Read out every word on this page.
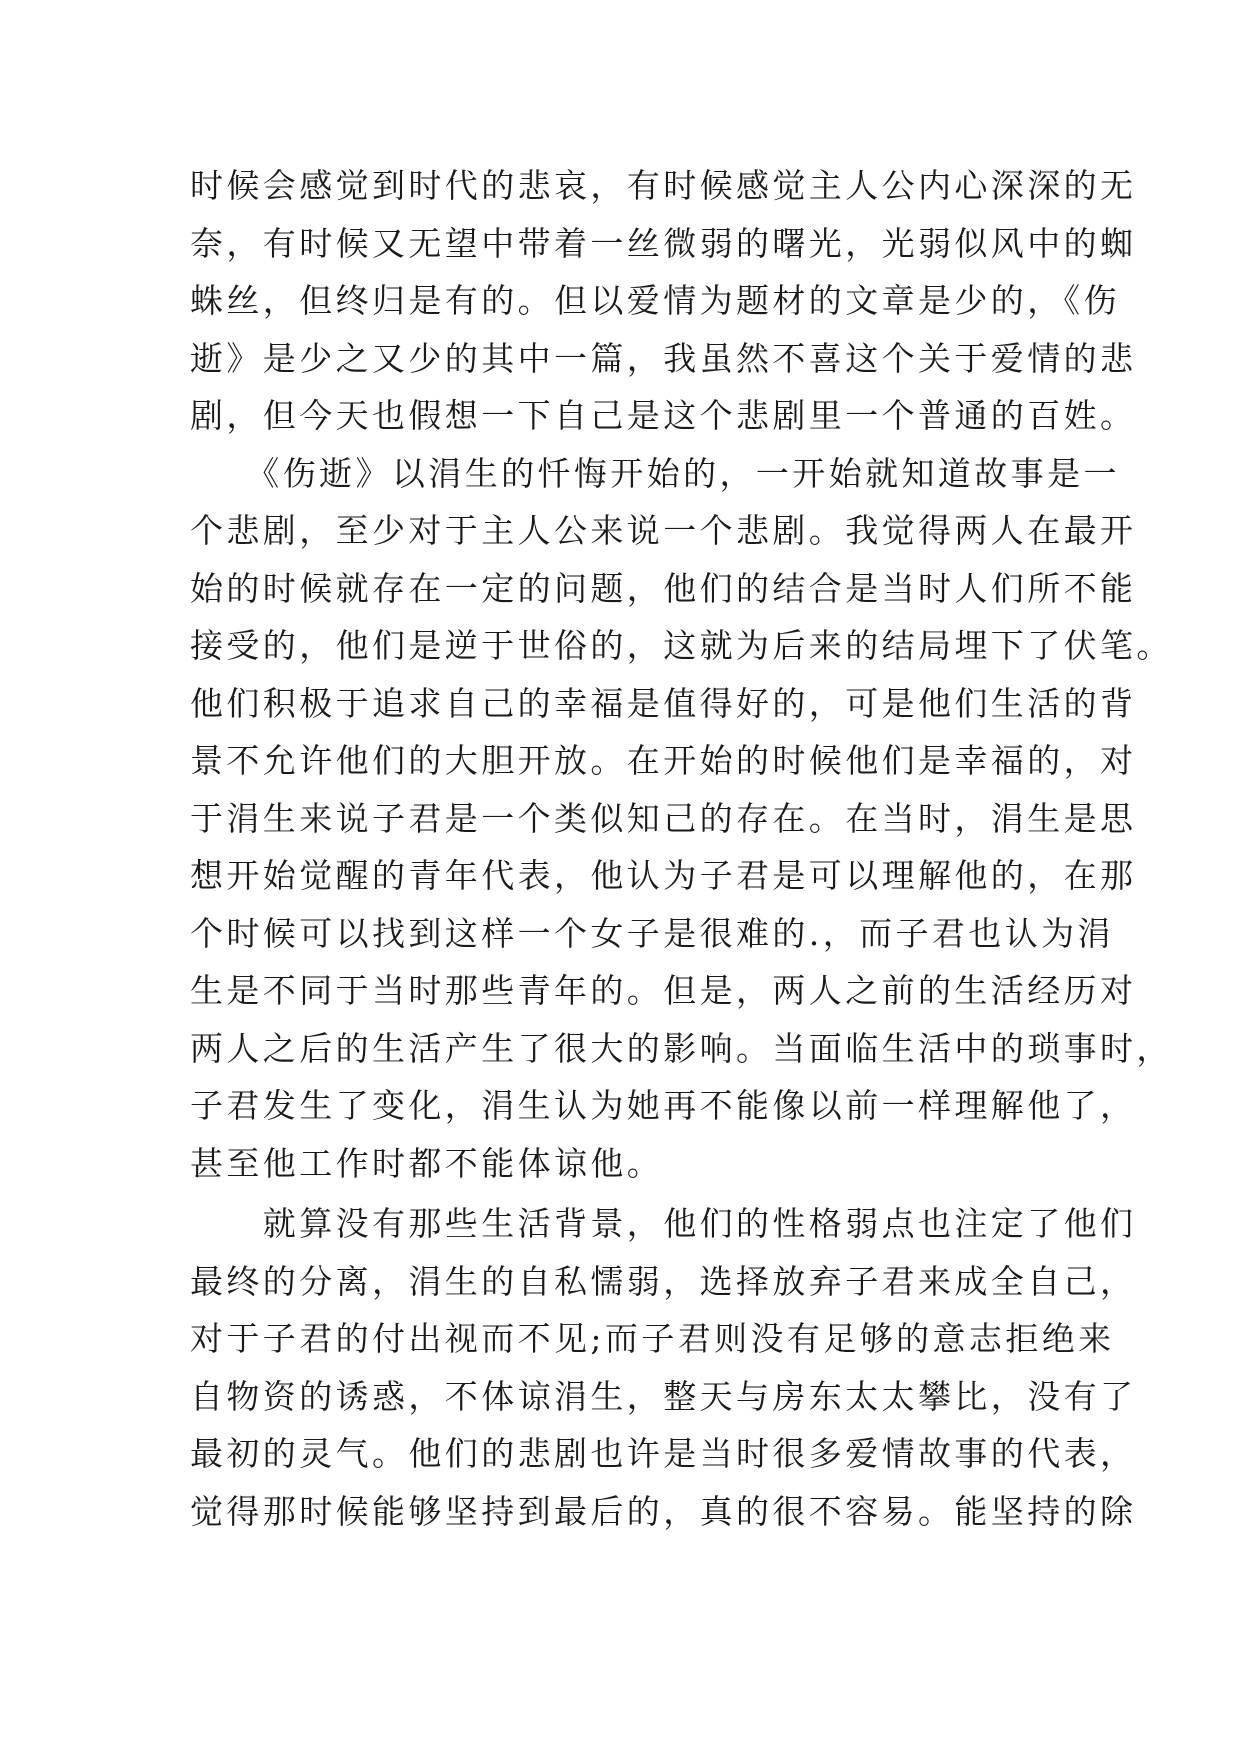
时候会感觉到时代的悲哀，有时候感觉主人公内心深深的无
奈，有时候又无望中带着一丝微弱的曙光，光弱似风中的蜘
蛛丝，但终归是有的。但以爱情为题材的文章是少的，《伤
逝》是少之又少的其中一篇，我虽然不喜这个关于爱情的悲
剧，但今天也假想一下自己是这个悲剧里一个普通的百姓。
　　《伤逝》以涓生的忏悔开始的，一开始就知道故事是一
个悲剧，至少对于主人公来说一个悲剧。我觉得两人在最开
始的时候就存在一定的问题，他们的结合是当时人们所不能
接受的，他们是逆于世俗的，这就为后来的结局埋下了伏笔。
他们积极于追求自己的幸福是值得好的，可是他们生活的背
景不允许他们的大胆开放。在开始的时候他们是幸福的，对
于涓生来说子君是一个类似知己的存在。在当时，涓生是思
想开始觉醒的青年代表，他认为子君是可以理解他的，在那
个时候可以找到这样一个女子是很难的.，而子君也认为涓
生是不同于当时那些青年的。但是，两人之前的生活经历对
两人之后的生活产生了很大的影响。当面临生活中的琐事时，
子君发生了变化，涓生认为她再不能像以前一样理解他了，
甚至他工作时都不能体谅他。
　　就算没有那些生活背景，他们的性格弱点也注定了他们
最终的分离，涓生的自私懦弱，选择放弃子君来成全自己，
对于子君的付出视而不见;而子君则没有足够的意志拒绝来
自物资的诱惑，不体谅涓生，整天与房东太太攀比，没有了
最初的灵气。他们的悲剧也许是当时很多爱情故事的代表，
觉得那时候能够坚持到最后的，真的很不容易。能坚持的除
